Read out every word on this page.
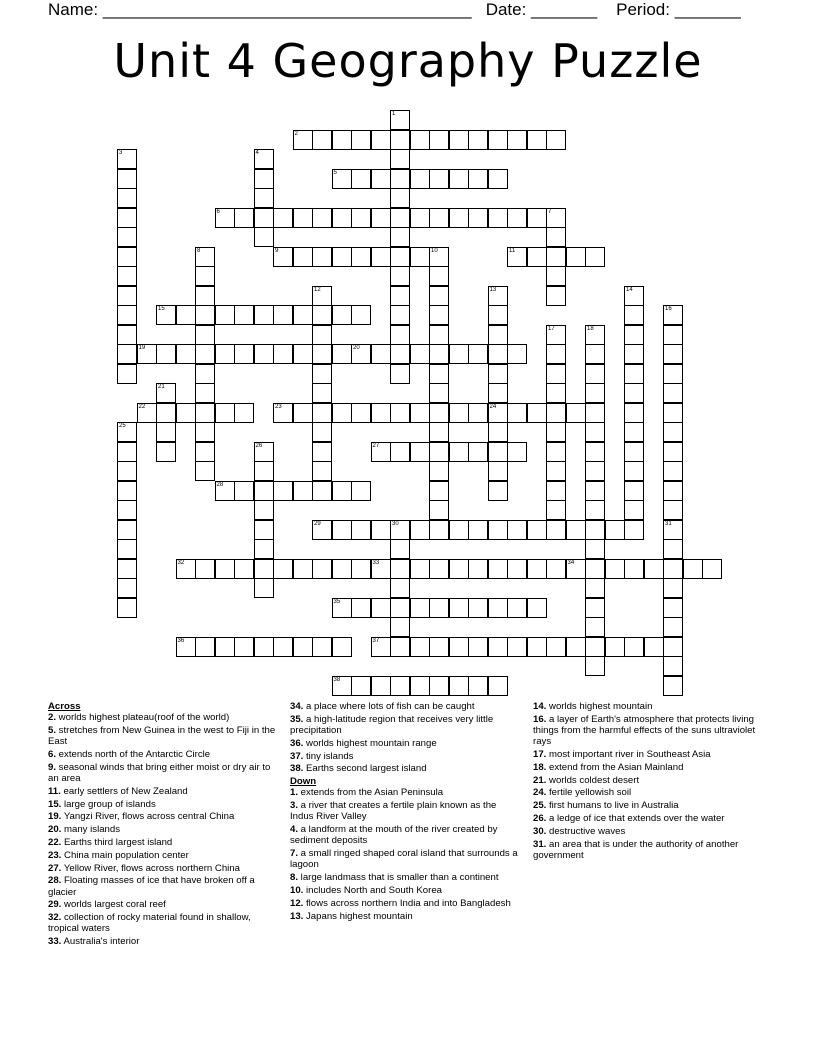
Name: _______________________________________   Date: _______    Period: _______
Unit 4 Geography Puzzle
1
2
3	4
5
6	7
8	9	10	11
12	13
24
14
15	16
17	18
19	20
21
22	23
25
26	27
28
29	30	31
32	33	34
35
36	37
38
Across
2. worlds highest plateau(roof of the world)
5. stretches from New Guinea in the west to Fiji in the East
6. extends north of the Antarctic Circle
9. seasonal winds that bring either moist or dry air to an area
11. early settlers of New Zealand
15. large group of islands
19. Yangzi River, flows across central China
20. many islands
22. Earths third largest island
23. China main population center
27. Yellow River, flows across northern China
28. Floating masses of ice that have broken off a glacier
29. worlds largest coral reef
32. collection of rocky material found in shallow, tropical waters
33. Australia's interior
34. a place where lots of fish can be caught
35. a high-latitude region that receives very little precipitation
36. worlds highest mountain range
37. tiny islands
38. Earths second largest island
Down
1. extends from the Asian Peninsula
3. a river that creates a fertile plain known as the Indus River Valley
4. a landform at the mouth of the river created by sediment deposits
7. a small ringed shaped coral island that surrounds a lagoon
8. large landmass that is smaller than a continent
10. includes North and South Korea
12. flows across northern India and into Bangladesh
13. Japans highest mountain
14. worlds highest mountain
16. a layer of Earth's atmosphere that protects living things from the harmful effects of the suns ultraviolet rays
17. most important river in Southeast Asia
18. extend from the Asian Mainland
21. worlds coldest desert
24. fertile yellowish soil
25. first humans to live in Australia
26. a ledge of ice that extends over the water
30. destructive waves
31. an area that is under the authority of another government
